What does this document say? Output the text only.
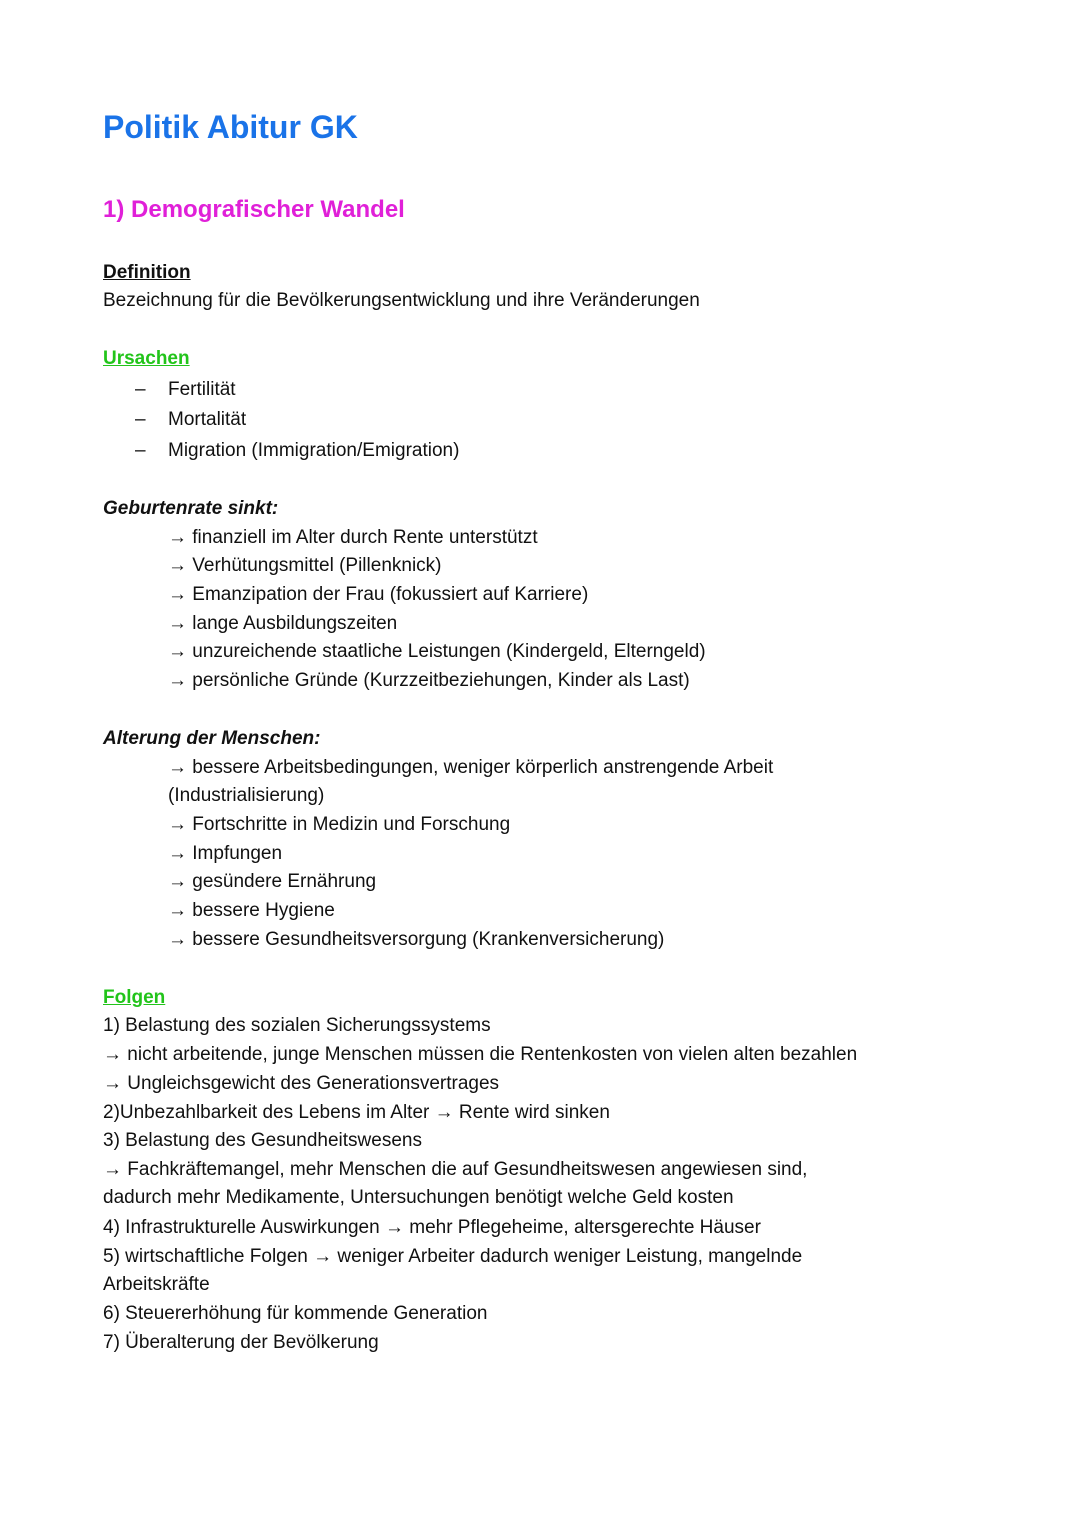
Politik Abitur GK
1) Demografischer Wandel
Definition
Bezeichnung für die Bevölkerungsentwicklung und ihre Veränderungen
Ursachen
– Fertilität
– Mortalität
– Migration (Immigration/Emigration)
Geburtenrate sinkt:
→ finanziell im Alter durch Rente unterstützt
→ Verhütungsmittel (Pillenknick)
→ Emanzipation der Frau (fokussiert auf Karriere)
→ lange Ausbildungszeiten
→ unzureichende staatliche Leistungen (Kindergeld, Elterngeld)
→ persönliche Gründe (Kurzzeitbeziehungen, Kinder als Last)
Alterung der Menschen:
→ bessere Arbeitsbedingungen, weniger körperlich anstrengende Arbeit
(Industrialisierung)
→ Fortschritte in Medizin und Forschung
→ Impfungen
→ gesündere Ernährung
→ bessere Hygiene
→ bessere Gesundheitsversorgung (Krankenversicherung)
Folgen
1) Belastung des sozialen Sicherungssystems
→ nicht arbeitende, junge Menschen müssen die Rentenkosten von vielen alten bezahlen
→ Ungleichsgewicht des Generationsvertrages
2)Unbezahlbarkeit des Lebens im Alter → Rente wird sinken
3) Belastung des Gesundheitswesens
→ Fachkräftemangel, mehr Menschen die auf Gesundheitswesen angewiesen sind,
dadurch mehr Medikamente, Untersuchungen benötigt welche Geld kosten
4) Infrastrukturelle Auswirkungen → mehr Pflegeheime, altersgerechte Häuser
5) wirtschaftliche Folgen → weniger Arbeiter dadurch weniger Leistung, mangelnde
Arbeitskräfte
6) Steuererhöhung für kommende Generation
7) Überalterung der Bevölkerung
